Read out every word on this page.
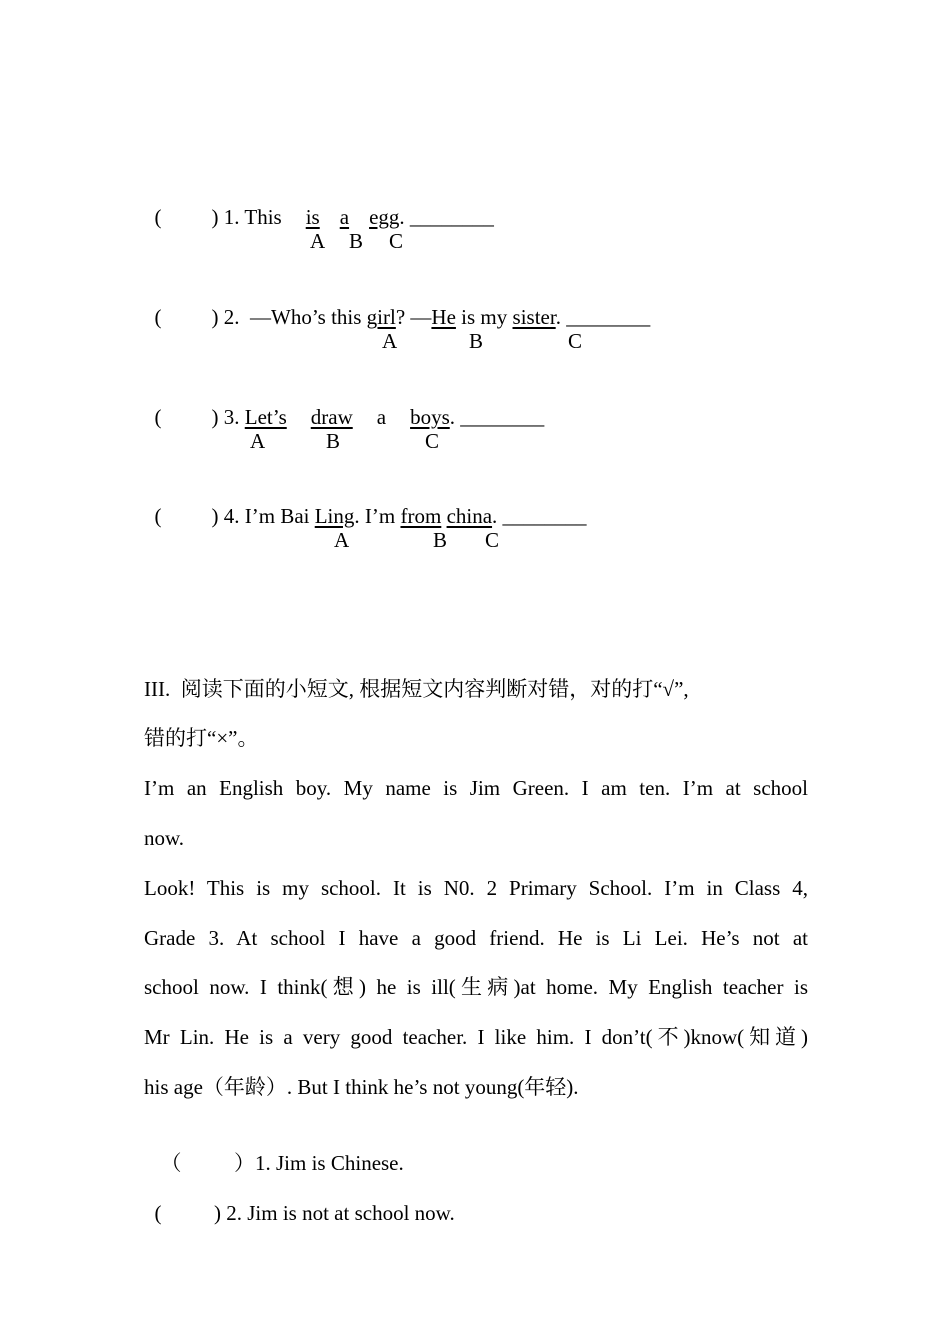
( ) 1. This is a egg. ________

A B C

( ) 2. —Who’s this girl? —He is my sister. ________

A	B	C

( ) 3. Let’s draw a boys. ________

A	B	C

( ) 4. I’m Bai Ling. I’m from china. ________

A	B C
III.  阅读下面的小短文, 根据短文内容判断对错，对的打“√”,
错的打“×”。
I’m an English boy. My name is Jim Green. I am ten. I’m at school
now.
Look! This is my school. It is N0. 2 Primary School. I’m in Class 4,
Grade 3. At school I have a good friend. He is Li Lei. He’s not at
school now. I think(想) he is ill(生病)at home. My English teacher is
Mr Lin. He is a very good teacher. I like him. I don’t(不)know(知道)
his age（年龄）. But I think he’s not young(年轻).

（          ）1. Jim is Chinese.

(          ) 2. Jim is not at school now.
